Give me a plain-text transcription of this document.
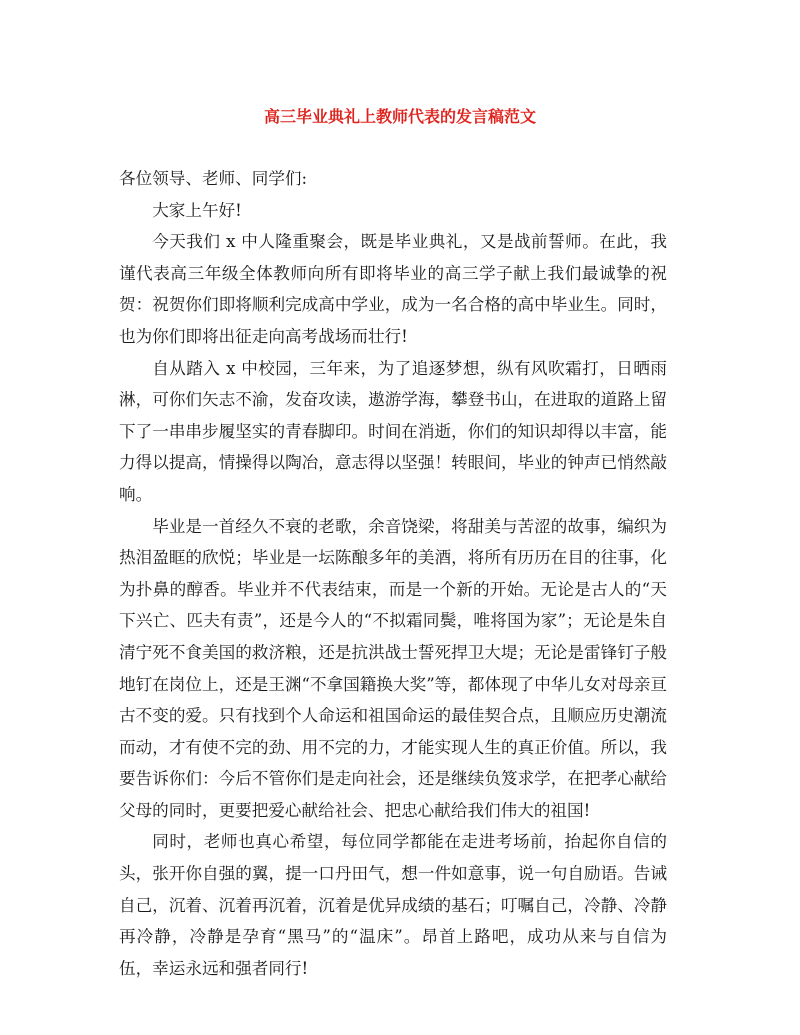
高三毕业典礼上教师代表的发言稿范文

各位领导、老师、同学们:

大家上午好!

今天我们 x 中人隆重聚会，既是毕业典礼，又是战前誓师。在此，我谨代表高三年级全体教师向所有即将毕业的高三学子献上我们最诚挚的祝贺：祝贺你们即将顺利完成高中学业，成为一名合格的高中毕业生。同时，也为你们即将出征走向高考战场而壮行!

自从踏入 x 中校园，三年来，为了追逐梦想，纵有风吹霜打，日晒雨淋，可你们矢志不渝，发奋攻读，遨游学海，攀登书山，在进取的道路上留下了一串串步履坚实的青春脚印。时间在消逝，你们的知识却得以丰富，能力得以提高，情操得以陶冶，意志得以坚强！转眼间，毕业的钟声已悄然敲响。

毕业是一首经久不衰的老歌，余音饶梁，将甜美与苦涩的故事，编织为热泪盈眶的欣悦；毕业是一坛陈酿多年的美酒，将所有历历在目的往事，化为扑鼻的醇香。毕业并不代表结束，而是一个新的开始。无论是古人的“天下兴亡、匹夫有责”，还是今人的“不拟霜同鬓，唯将国为家”；无论是朱自清宁死不食美国的救济粮，还是抗洪战士誓死捍卫大堤；无论是雷锋钉子般地钉在岗位上，还是王渊“不拿国籍换大奖”等，都体现了中华儿女对母亲亘古不变的爱。只有找到个人命运和祖国命运的最佳契合点，且顺应历史潮流而动，才有使不完的劲、用不完的力，才能实现人生的真正价值。所以，我要告诉你们：今后不管你们是走向社会，还是继续负笈求学，在把孝心献给父母的同时，更要把爱心献给社会、把忠心献给我们伟大的祖国!

同时，老师也真心希望，每位同学都能在走进考场前，抬起你自信的头，张开你自强的翼，提一口丹田气，想一件如意事，说一句自励语。告诫自己，沉着、沉着再沉着，沉着是优异成绩的基石；叮嘱自己，冷静、冷静再冷静，冷静是孕育“黑马”的“温床”。昂首上路吧，成功从来与自信为伍，幸运永远和强者同行!
